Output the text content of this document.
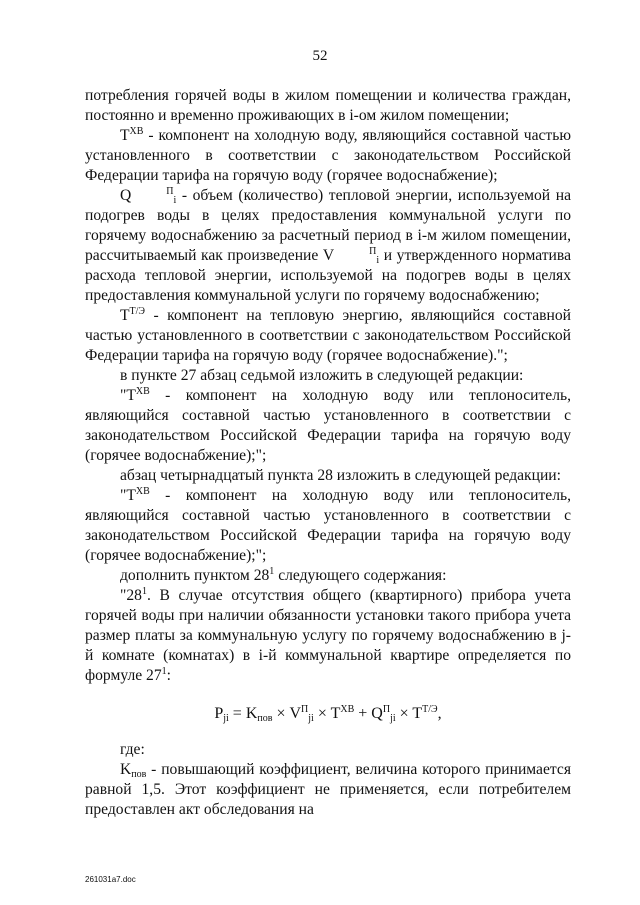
52

потребления горячей воды в жилом помещении и количества граждан, постоянно и временно проживающих в i-ом жилом помещении;

$T^{ХВ}$ - компонент на холодную воду, являющийся составной частью установленного в соответствии с законодательством Российской Федерации тарифа на горячую воду (горячее водоснабжение);

Q	$^П_i$ - объем (количество) тепловой энергии, используемой на подогрев воды в целях предоставления коммунальной услуги по горячему водоснабжению за расчетный период в i-м жилом помещении, рассчитываемый как произведение V	$^П_i$ и утвержденного норматива расхода тепловой энергии, используемой на подогрев воды в целях предоставления коммунальной услуги по горячему водоснабжению;

$T^{Т/Э}$ - компонент на тепловую энергию, являющийся составной частью установленного в соответствии с законодательством Российской Федерации тарифа на горячую воду (горячее водоснабжение).";

в пункте 27 абзац седьмой изложить в следующей редакции:

"$T^{ХВ}$ - компонент на холодную воду или теплоноситель, являющийся составной частью установленного в соответствии с законодательством Российской Федерации тарифа на горячую воду (горячее водоснабжение);";

абзац четырнадцатый пункта 28 изложить в следующей редакции:

"$T^{ХВ}$ - компонент на холодную воду или теплоноситель, являющийся составной частью установленного в соответствии с законодательством Российской Федерации тарифа на горячую воду (горячее водоснабжение);";

дополнить пунктом $28^1$ следующего содержания:

"$28^1$. В случае отсутствия общего (квартирного) прибора учета горячей воды при наличии обязанности установки такого прибора учета размер платы за коммунальную услугу по горячему водоснабжению в j-й комнате (комнатах) в i-й коммунальной квартире определяется по формуле $27^1$:

$P_{ji} = K_{пов} \times V^П_{ji} \times T^{ХВ} + Q^П_{ji} \times T^{Т/Э}$,

где:

$K_{пов}$ - повышающий коэффициент, величина которого принимается равной 1,5. Этот коэффициент не применяется, если потребителем предоставлен акт обследования на

261031a7.doc
